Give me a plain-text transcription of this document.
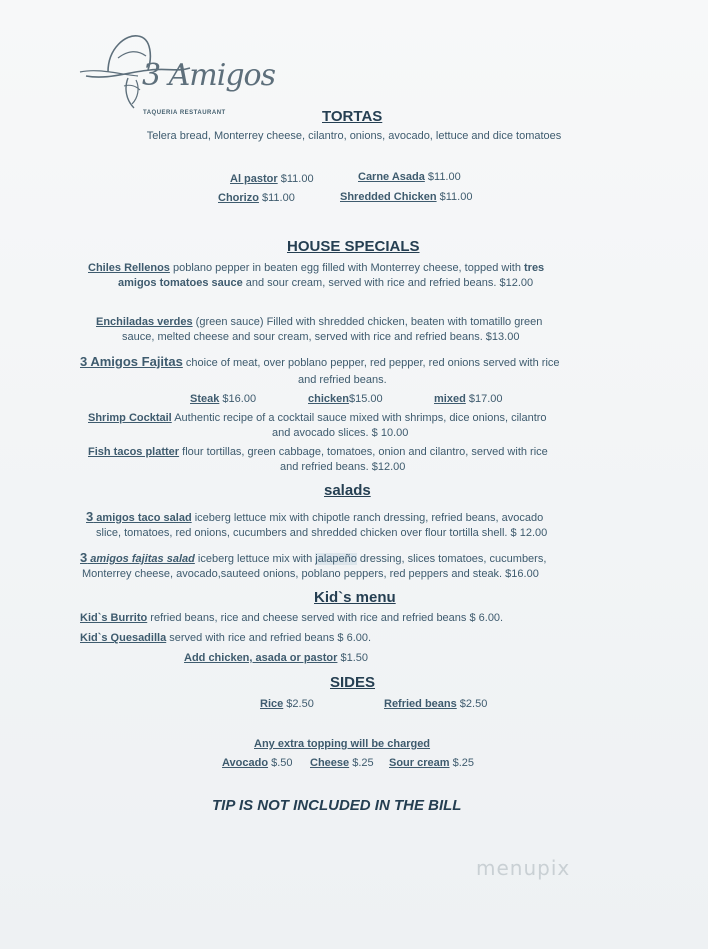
3 Amigos
TAQUERIA RESTAURANT	TORTAS
Telera bread, Monterrey cheese, cilantro, onions, avocado, lettuce and dice tomatoes
Al pastor $11.00	Carne Asada $11.00
Chorizo $11.00	Shredded Chicken $11.00
HOUSE SPECIALS
Chiles Rellenos poblano pepper in beaten egg filled with Monterrey cheese, topped with tres
amigos tomatoes sauce and sour cream, served with rice and refried beans. $12.00
Enchiladas verdes (green sauce) Filled with shredded chicken, beaten with tomatillo green
sauce, melted cheese and sour cream, served with rice and refried beans. $13.00
3 Amigos Fajitas choice of meat, over poblano pepper, red pepper, red onions served with rice
and refried beans.
Steak $16.00	chicken$15.00	mixed $17.00
Shrimp Cocktail Authentic recipe of a cocktail sauce mixed with shrimps, dice onions, cilantro
and avocado slices. $ 10.00
Fish tacos platter flour tortillas, green cabbage, tomatoes, onion and cilantro, served with rice
and refried beans. $12.00
salads
3 amigos taco salad iceberg lettuce mix with chipotle ranch dressing, refried beans, avocado
slice, tomatoes, red onions, cucumbers and shredded chicken over flour tortilla shell. $ 12.00
3 amigos fajitas salad iceberg lettuce mix with jalapeño dressing, slices tomatoes, cucumbers,
Monterrey cheese, avocado,sauteed onions, poblano peppers, red peppers and steak. $16.00
Kid`s menu
Kid`s Burrito refried beans, rice and cheese served with rice and refried beans $ 6.00.
Kid`s Quesadilla served with rice and refried beans $ 6.00.
Add chicken, asada or pastor $1.50
SIDES
Rice $2.50	Refried beans $2.50
Any extra topping will be charged
Avocado $.50 Cheese $.25 Sour cream $.25
TIP IS NOT INCLUDED IN THE BILL
menupix
